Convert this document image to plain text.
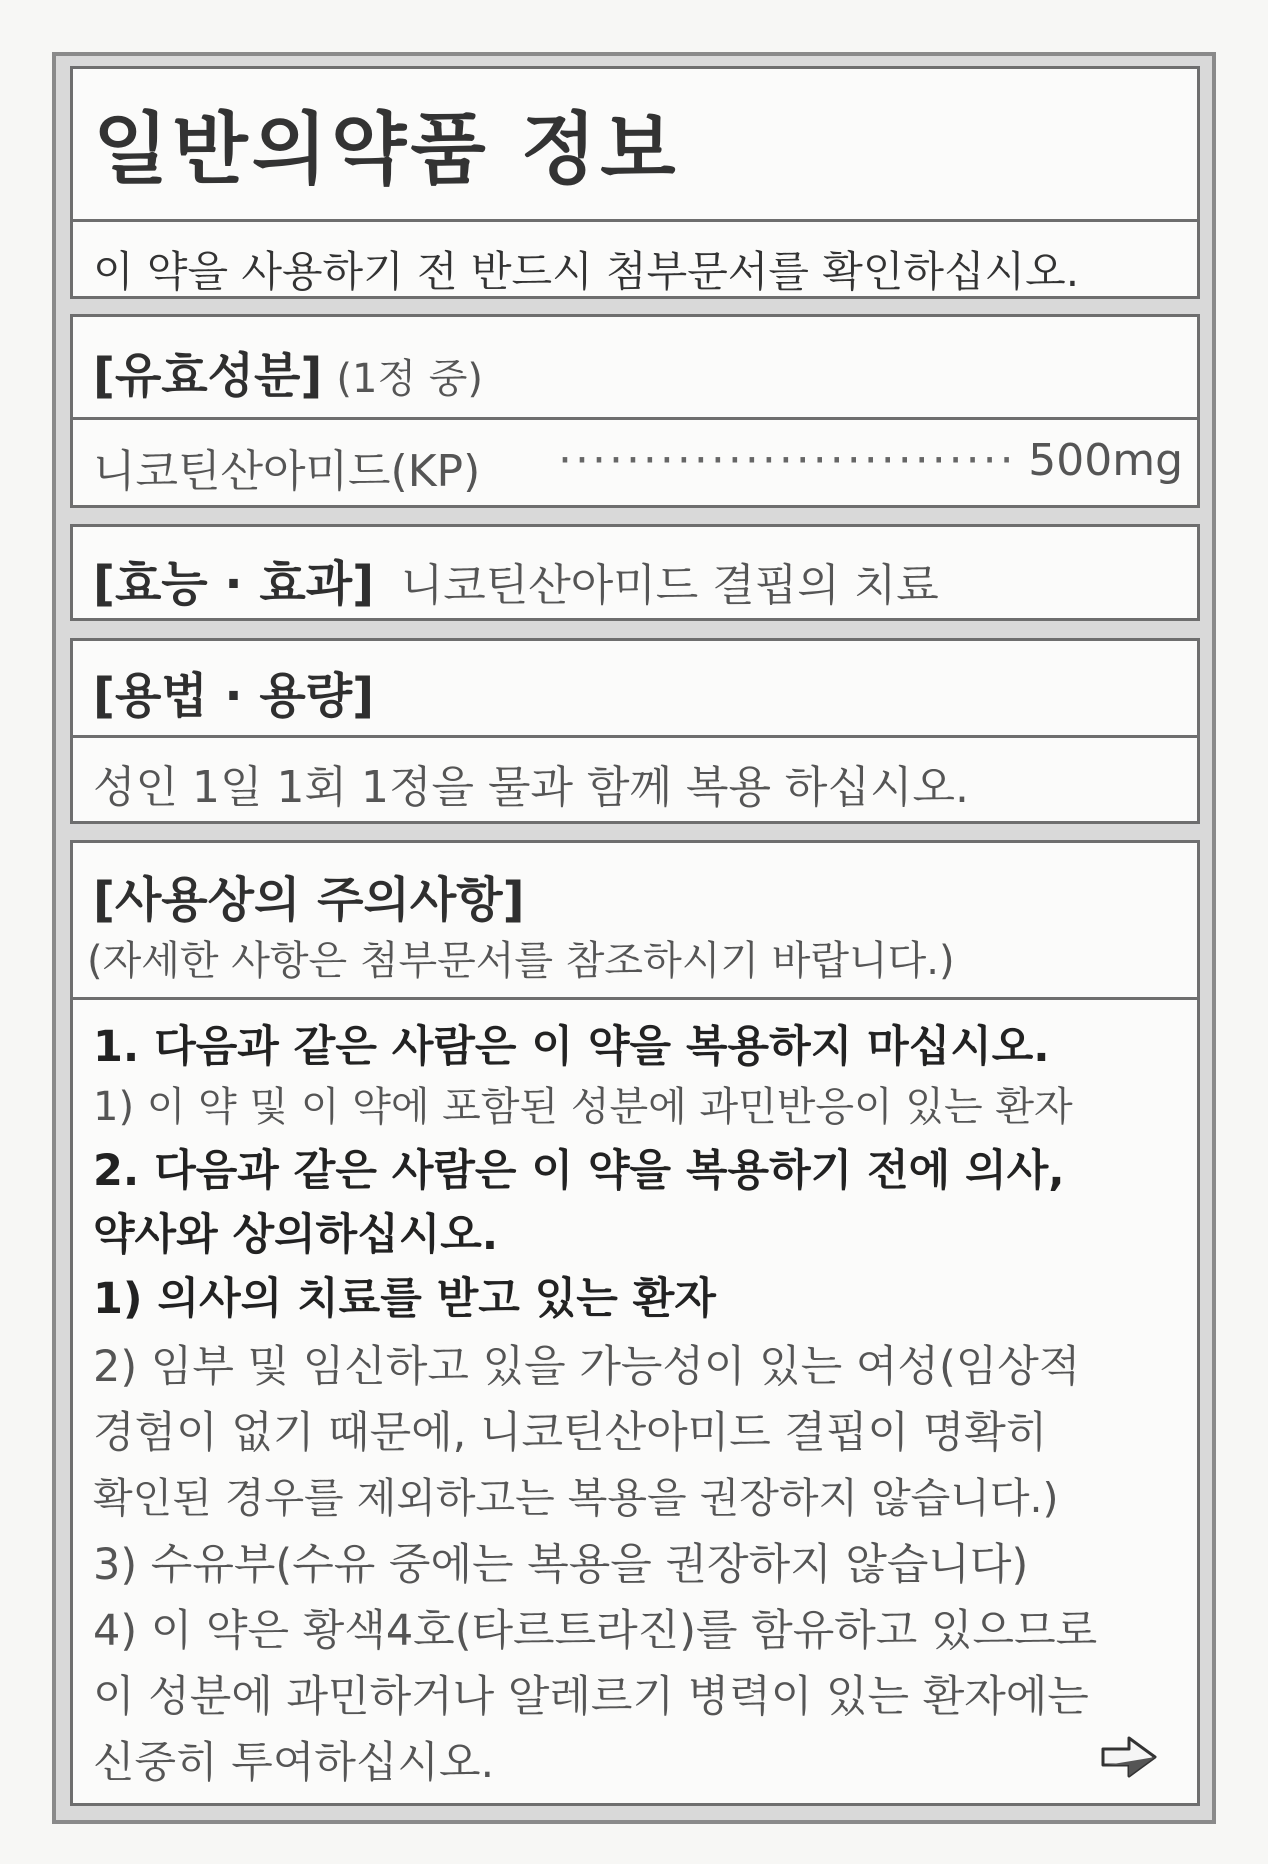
일반의약품 정보
이 약을 사용하기 전 반드시 첨부문서를 확인하십시오.
[유효성분] (1정 중)
니코틴산아미드(KP) ··························· 500mg
[효능 · 효과] 니코틴산아미드 결핍의 치료
[용법 · 용량]
성인 1일 1회 1정을 물과 함께 복용 하십시오.
[사용상의 주의사항]
(자세한 사항은 첨부문서를 참조하시기 바랍니다.)
1. 다음과 같은 사람은 이 약을 복용하지 마십시오.
1) 이 약 및 이 약에 포함된 성분에 과민반응이 있는 환자
2. 다음과 같은 사람은 이 약을 복용하기 전에 의사,
약사와 상의하십시오.
1) 의사의 치료를 받고 있는 환자
2) 임부 및 임신하고 있을 가능성이 있는 여성(임상적
경험이 없기 때문에, 니코틴산아미드 결핍이 명확히
확인된 경우를 제외하고는 복용을 권장하지 않습니다.)
3) 수유부(수유 중에는 복용을 권장하지 않습니다)
4) 이 약은 황색4호(타르트라진)를 함유하고 있으므로
이 성분에 과민하거나 알레르기 병력이 있는 환자에는
신중히 투여하십시오.
